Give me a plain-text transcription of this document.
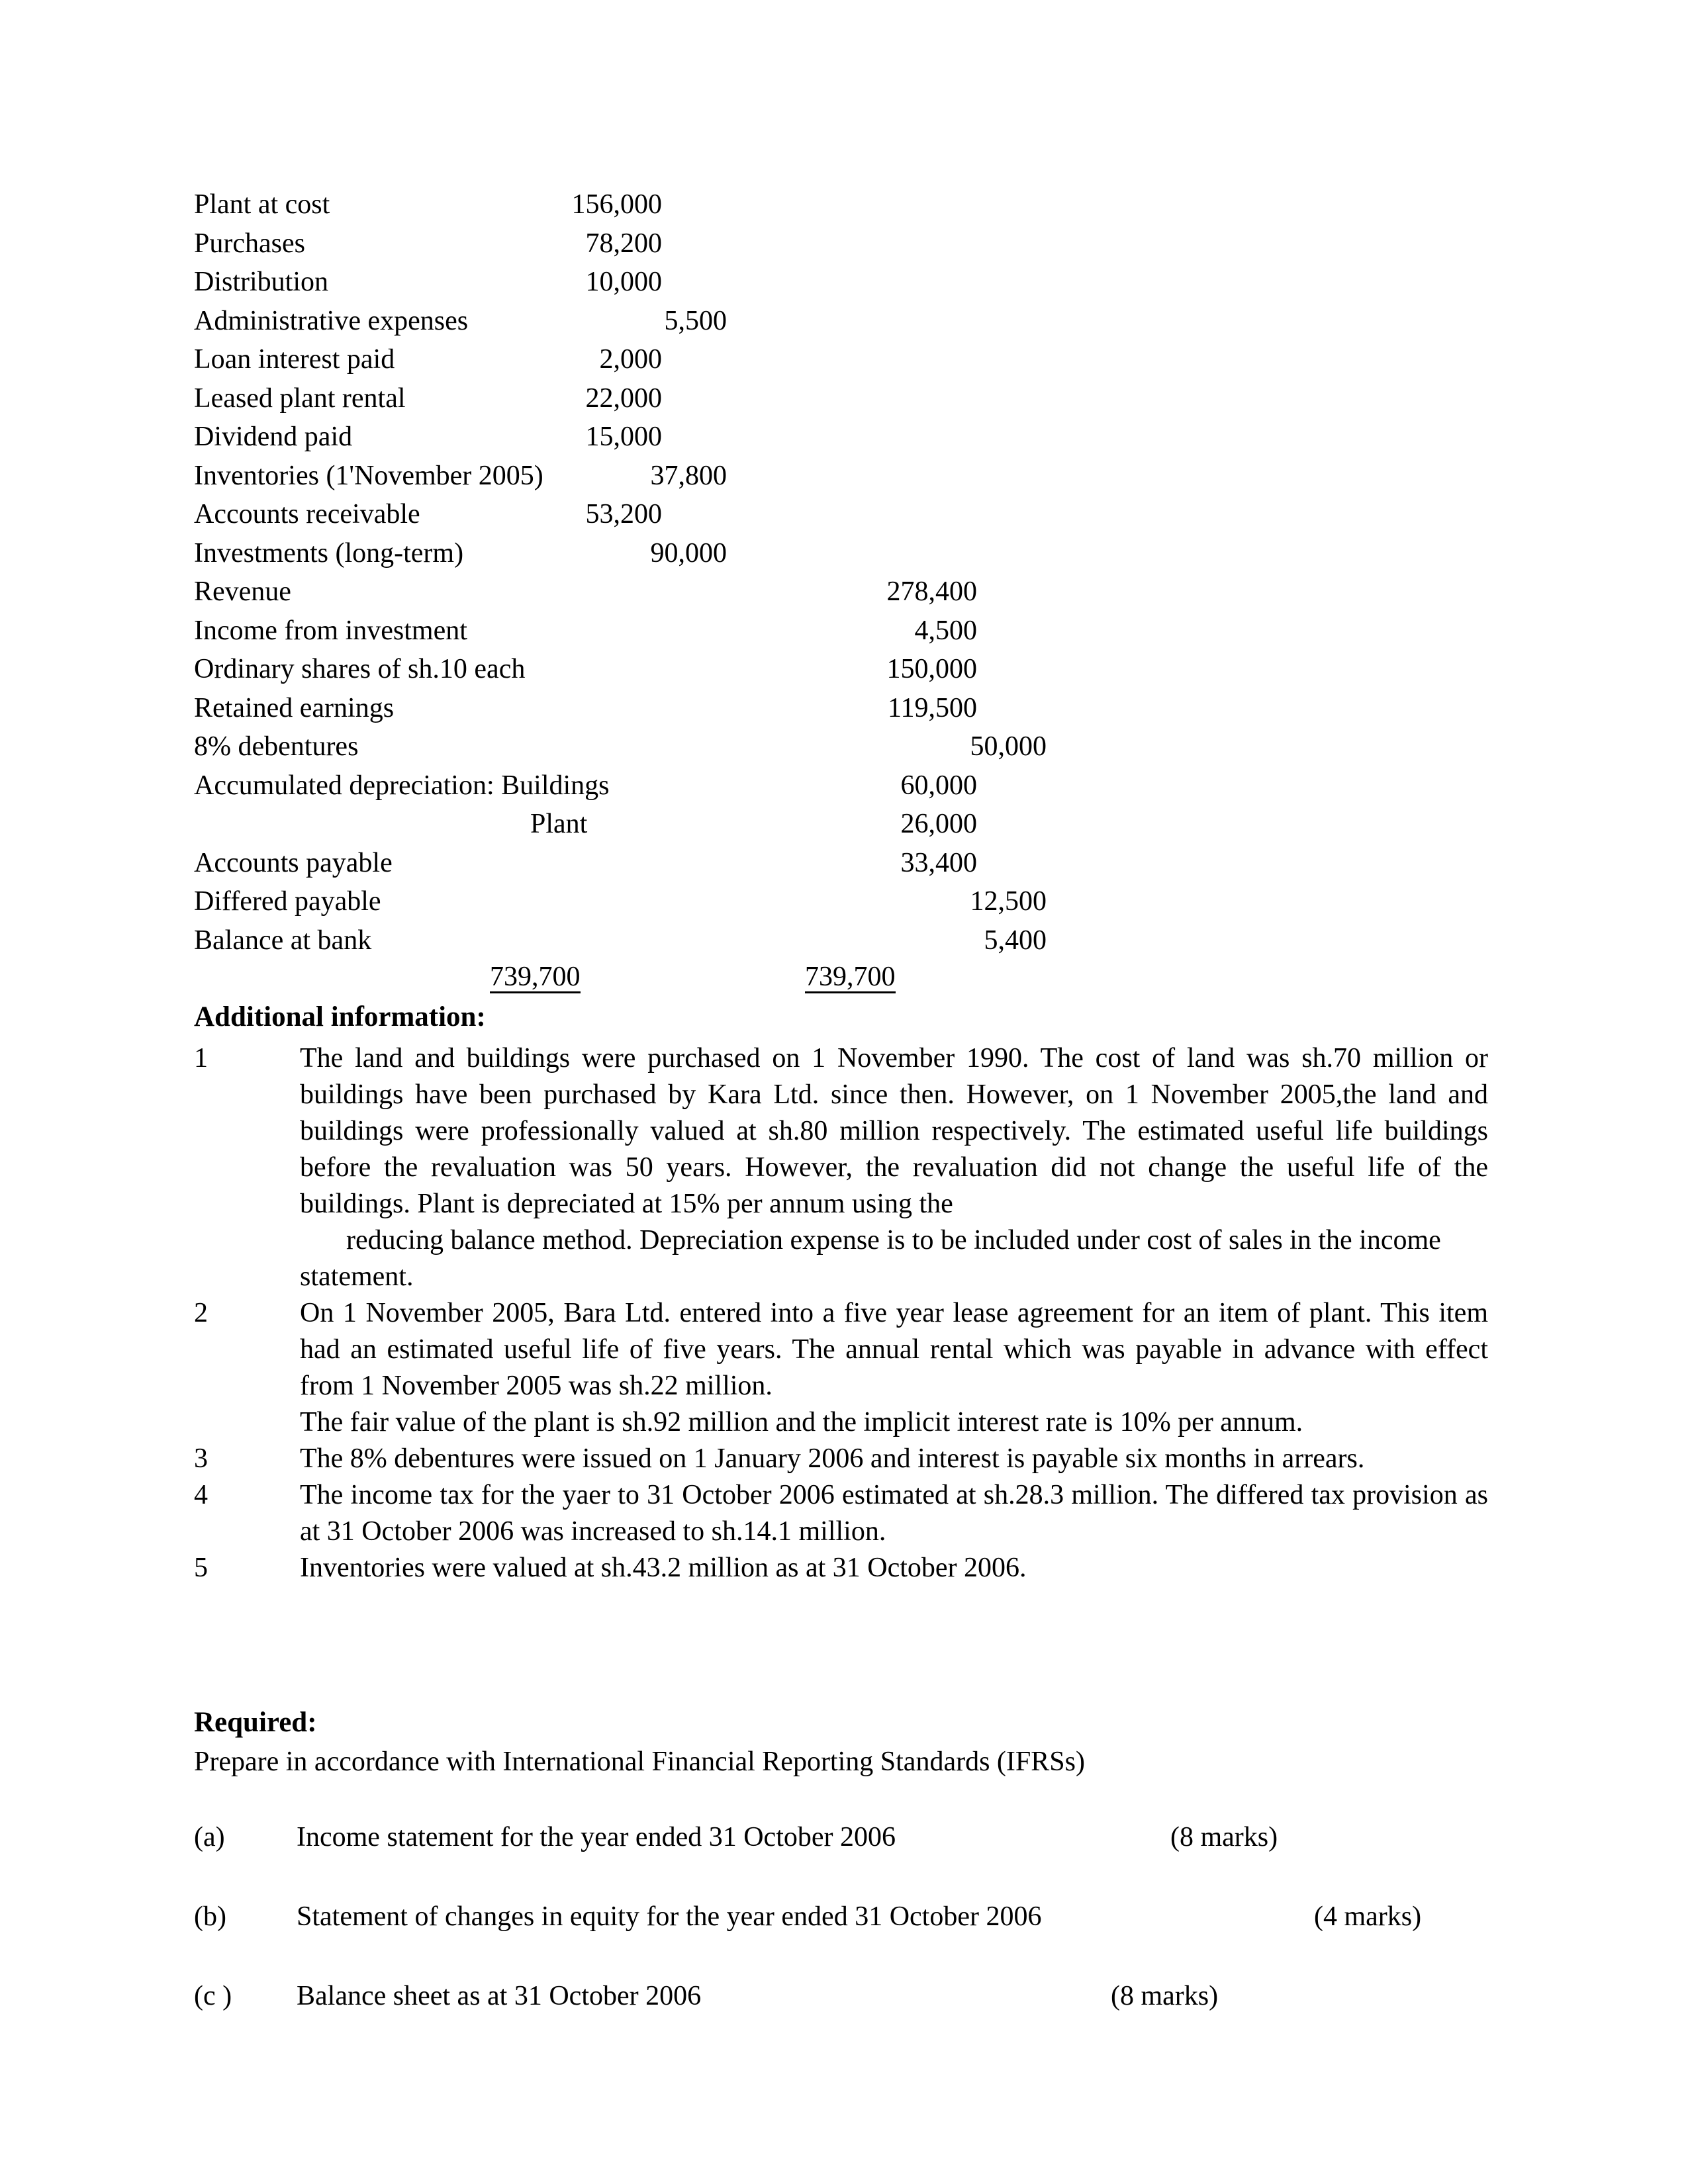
Plant at cost	156,000
Purchases	78,200
Distribution	10,000
Administrative expenses	5,500
Loan interest paid	2,000
Leased plant rental	22,000
Dividend paid	15,000
Inventories (1'November 2005)	37,800
Accounts receivable	53,200
Investments (long-term)	90,000
Revenue	278,400
Income from investment	4,500
Ordinary shares of sh.10 each	150,000
Retained earnings	119,500
8% debentures	50,000
Accumulated depreciation: Buildings	60,000
Plant	26,000
Accounts payable	33,400
Differed payable	12,500
Balance at bank	5,400
739,700	739,700
Additional information:
1	The land and buildings were purchased on 1 November 1990. The cost of land was sh.70 million or buildings have been purchased by Kara Ltd. since then. However, on 1 November 2005,the land and buildings were professionally valued at sh.80 million respectively. The estimated useful life buildings before the revaluation was 50 years. However, the revaluation did not change the useful life of the buildings. Plant is depreciated at 15% per annum using the

reducing balance method. Depreciation expense is to be included under cost of sales in the income statement.

2	On 1 November 2005, Bara Ltd. entered into a five year lease agreement for an item of plant. This item had an estimated useful life of five years. The annual rental which was payable in advance with effect from 1 November 2005 was sh.22 million.

The fair value of the plant is sh.92 million and the implicit interest rate is 10% per annum.

3	The 8% debentures were issued on 1 January 2006 and interest is payable six months in arrears.

4	The income tax for the yaer to 31 October 2006 estimated at sh.28.3 million. The differed tax provision as at 31 October 2006 was increased to sh.14.1 million.

5	Inventories were valued at sh.43.2 million as at 31 October 2006.

Required:
Prepare in accordance with International Financial Reporting Standards (IFRSs)
(a)	Income statement for the year ended 31 October 2006	(8 marks)
(b)	Statement of changes in equity for the year ended 31 October 2006	(4 marks)
(c ) Balance sheet as at 31 October 2006	(8 marks)
